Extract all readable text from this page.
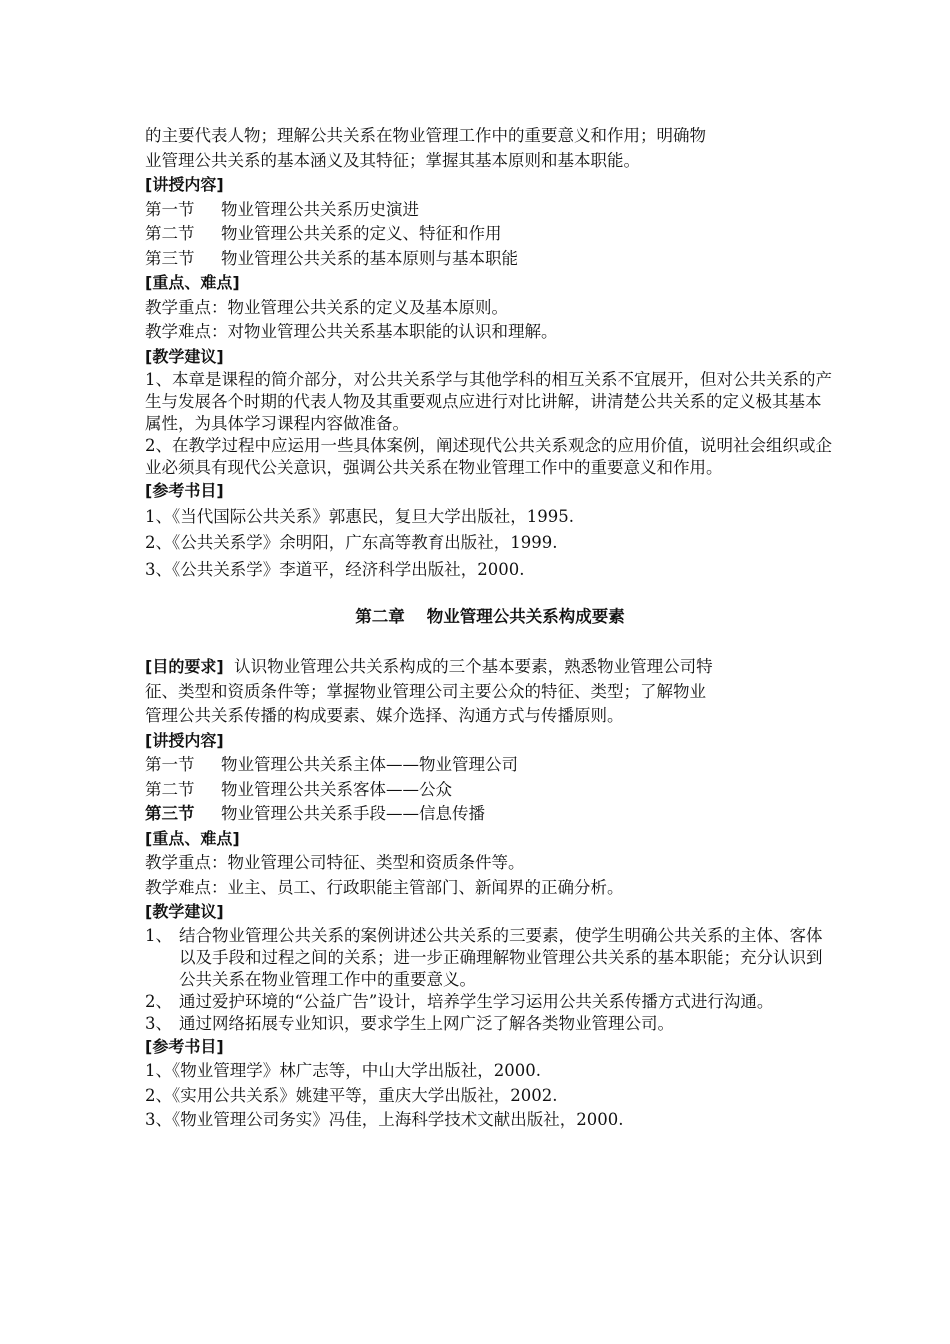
的主要代表人物；理解公共关系在物业管理工作中的重要意义和作用；明确物

业管理公共关系的基本涵义及其特征；掌握其基本原则和基本职能。

[讲授内容]

第一节	物业管理公共关系历史演进
第二节	物业管理公共关系的定义、特征和作用
第三节	物业管理公共关系的基本原则与基本职能

[重点、难点]

教学重点：物业管理公共关系的定义及基本原则。

教学难点：对物业管理公共关系基本职能的认识和理解。

[教学建议]

1、本章是课程的简介部分，对公共关系学与其他学科的相互关系不宜展开，但对公共关系的产生与发展各个时期的代表人物及其重要观点应进行对比讲解，讲清楚公共关系的定义极其基本属性，为具体学习课程内容做准备。

2、在教学过程中应运用一些具体案例，阐述现代公共关系观念的应用价值，说明社会组织或企业必须具有现代公关意识，强调公共关系在物业管理工作中的重要意义和作用。

[参考书目]

1、《当代国际公共关系》郭惠民，复旦大学出版社，1995.

2、《公共关系学》余明阳，广东高等教育出版社，1999.

3、《公共关系学》李道平，经济科学出版社，2000.

第二章 物业管理公共关系构成要素

[目的要求] 认识物业管理公共关系构成的三个基本要素，熟悉物业管理公司特

征、类型和资质条件等；掌握物业管理公司主要公众的特征、类型；了解物业

管理公共关系传播的构成要素、媒介选择、沟通方式与传播原则。

[讲授内容]

第一节	物业管理公共关系主体——物业管理公司
第二节	物业管理公共关系客体——公众
第三节	物业管理公共关系手段——信息传播

[重点、难点]

教学重点：物业管理公司特征、类型和资质条件等。

教学难点：业主、员工、行政职能主管部门、新闻界的正确分析。

[教学建议]

1、 结合物业管理公共关系的案例讲述公共关系的三要素，使学生明确公共关系的主体、客体以及手段和过程之间的关系；进一步正确理解物业管理公共关系的基本职能；充分认识到公共关系在物业管理工作中的重要意义。
2、 通过爱护环境的“公益广告”设计，培养学生学习运用公共关系传播方式进行沟通。
3、 通过网络拓展专业知识，要求学生上网广泛了解各类物业管理公司。

[参考书目]

1、《物业管理学》林广志等，中山大学出版社，2000.

2、《实用公共关系》姚建平等，重庆大学出版社，2002.

3、《物业管理公司务实》冯佳，上海科学技术文献出版社，2000.
